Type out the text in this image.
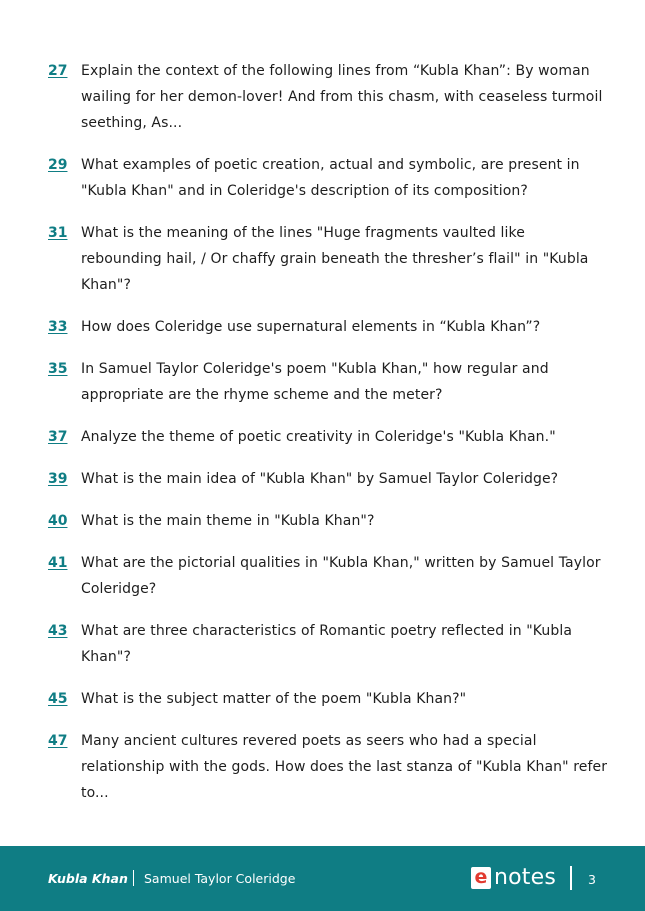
27 Explain the context of the following lines from “Kubla Khan”: By woman wailing for her demon-lover! And from this chasm, with ceaseless turmoil seething, As...
29 What examples of poetic creation, actual and symbolic, are present in "Kubla Khan" and in Coleridge's description of its composition?
31 What is the meaning of the lines "Huge fragments vaulted like rebounding hail, / Or chaffy grain beneath the thresher’s flail" in "Kubla Khan"?
33 How does Coleridge use supernatural elements in “Kubla Khan”?
35 In Samuel Taylor Coleridge's poem "Kubla Khan," how regular and appropriate are the rhyme scheme and the meter?
37 Analyze the theme of poetic creativity in Coleridge's "Kubla Khan."
39 What is the main idea of "Kubla Khan" by Samuel Taylor Coleridge?
40 What is the main theme in "Kubla Khan"?
41 What are the pictorial qualities in "Kubla Khan," written by Samuel Taylor Coleridge?
43 What are three characteristics of Romantic poetry reflected in "Kubla Khan"?
45 What is the subject matter of the poem "Kubla Khan?"
47 Many ancient cultures revered poets as seers who had a special relationship with the gods. How does the last stanza of "Kubla Khan" refer to...
Kubla Khan Samuel Taylor Coleridge	e notes	3
